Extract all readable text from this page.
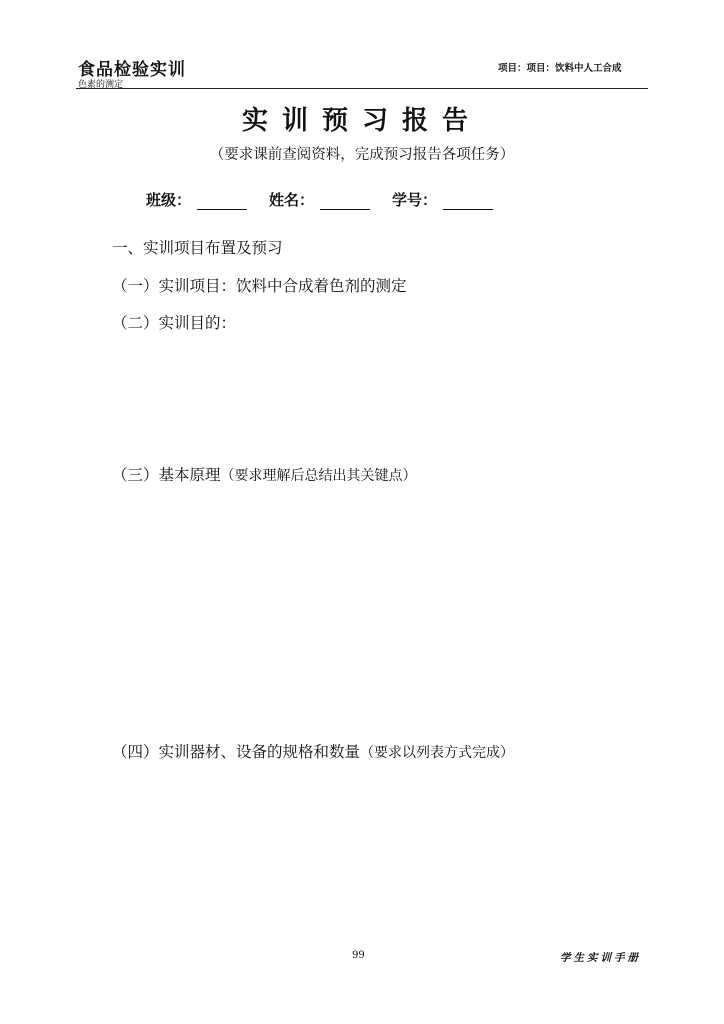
食品检验实训
色素的测定
项目：项目：饮料中人工合成
实训预习报告
（要求课前查阅资料，完成预习报告各项任务）
班级：	姓名：	学号：
一、实训项目布置及预习
（一）实训项目：饮料中合成着色剂的测定
（二）实训目的：
（三）基本原理（要求理解后总结出其关键点）
（四）实训器材、设备的规格和数量（要求以列表方式完成）
99	学生实训手册
